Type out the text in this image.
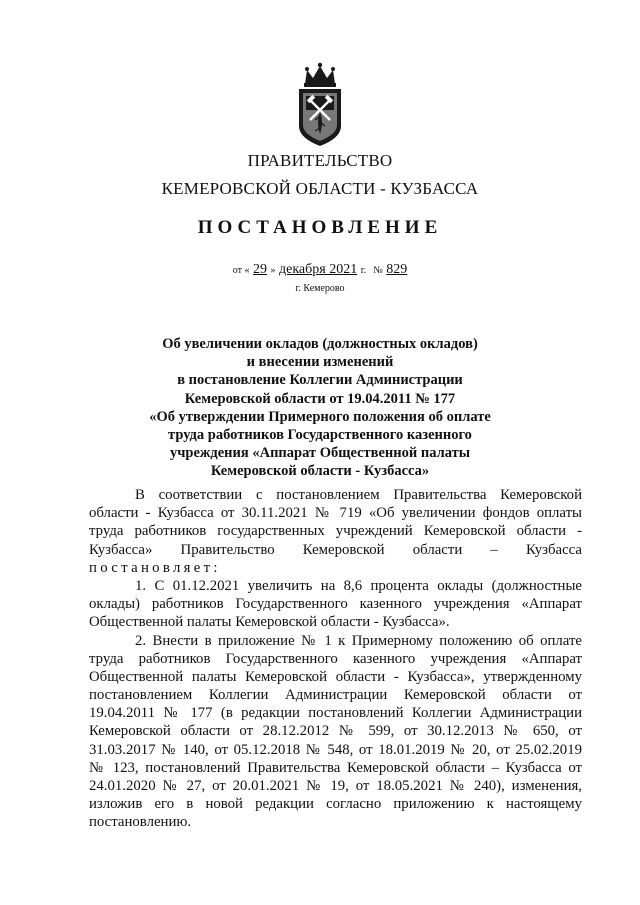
ПРАВИТЕЛЬСТВО
КЕМЕРОВСКОЙ ОБЛАСТИ - КУЗБАССА
ПОСТАНОВЛЕНИЕ
от « 29 » декабря 2021 г. № 829
г. Кемерово
Об увеличении окладов (должностных окладов)
и внесении изменений
в постановление Коллегии Администрации
Кемеровской области от 19.04.2011 № 177
«Об утверждении Примерного положения об оплате
труда работников Государственного казенного
учреждения «Аппарат Общественной палаты
Кемеровской области - Кузбасса»
В соответствии с постановлением Правительства Кемеровской
области - Кузбасса от 30.11.2021 № 719 «Об увеличении фондов оплаты
труда работников государственных учреждений Кемеровской области -
Кузбасса» Правительство Кемеровской области – Кузбасса
постановляет:
1. С 01.12.2021 увеличить на 8,6 процента оклады (должностные
оклады) работников Государственного казенного учреждения «Аппарат
Общественной палаты Кемеровской области - Кузбасса».
2. Внести в приложение № 1 к Примерному положению об оплате
труда работников Государственного казенного учреждения «Аппарат
Общественной палаты Кемеровской области - Кузбасса», утвержденному
постановлением Коллегии Администрации Кемеровской области от
19.04.2011 № 177 (в редакции постановлений Коллегии Администрации
Кемеровской области от 28.12.2012 № 599, от 30.12.2013 № 650, от
31.03.2017 № 140, от 05.12.2018 № 548, от 18.01.2019 № 20, от 25.02.2019
№ 123, постановлений Правительства Кемеровской области – Кузбасса от
24.01.2020 № 27, от 20.01.2021 № 19, от 18.05.2021 № 240), изменения,
изложив его в новой редакции согласно приложению к настоящему
постановлению.
